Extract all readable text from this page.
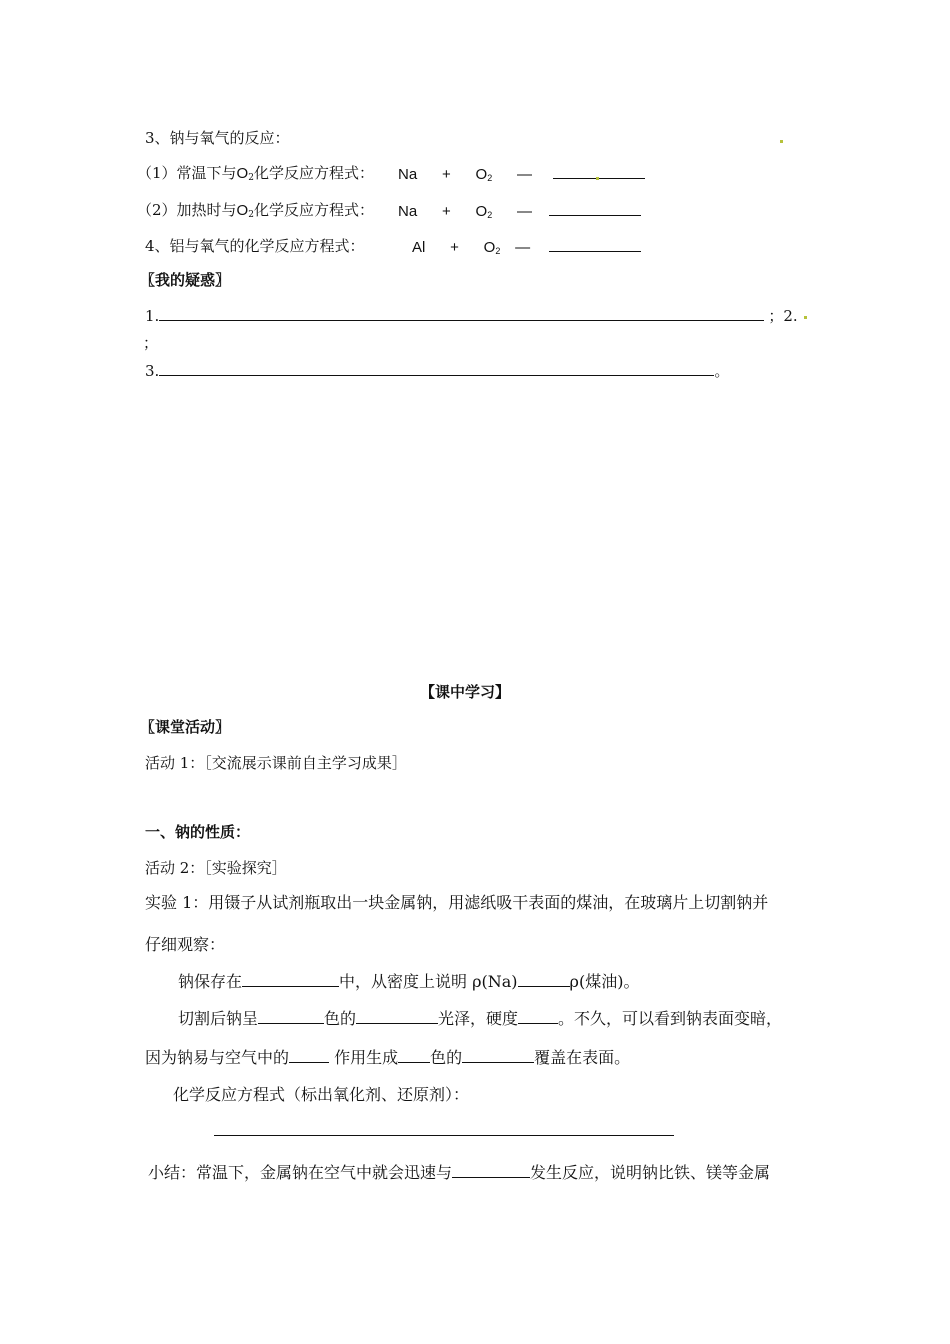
3、钠与氧气的反应：
（1）常温下与$O_2$化学反应方程式：	$Na + O_2$ —
（2）加热时与$O_2$化学反应方程式：	$Na + O_2$ —
4、铝与氧气的化学反应方程式：	$Al + O_2$ —
〖我的疑惑〗
1.	；2.
；
3.	。
【课中学习】
〖课堂活动〗
活动 1：［交流展示课前自主学习成果］
一、钠的性质：
活动 2：［实验探究］
实验 1：用镊子从试剂瓶取出一块金属钠，用滤纸吸干表面的煤油，在玻璃片上切割钠并
仔细观察：
钠保存在	中，从密度上说明 ρ(Na)	ρ(煤油)。
切割后钠呈	色的	光泽，硬度	。不久，可以看到钠表面变暗，
因为钠易与空气中的	作用生成 色的	覆盖在表面。
化学反应方程式（标出氧化剂、还原剂）：
小结：常温下，金属钠在空气中就会迅速与	发生反应，说明钠比铁、镁等金属
